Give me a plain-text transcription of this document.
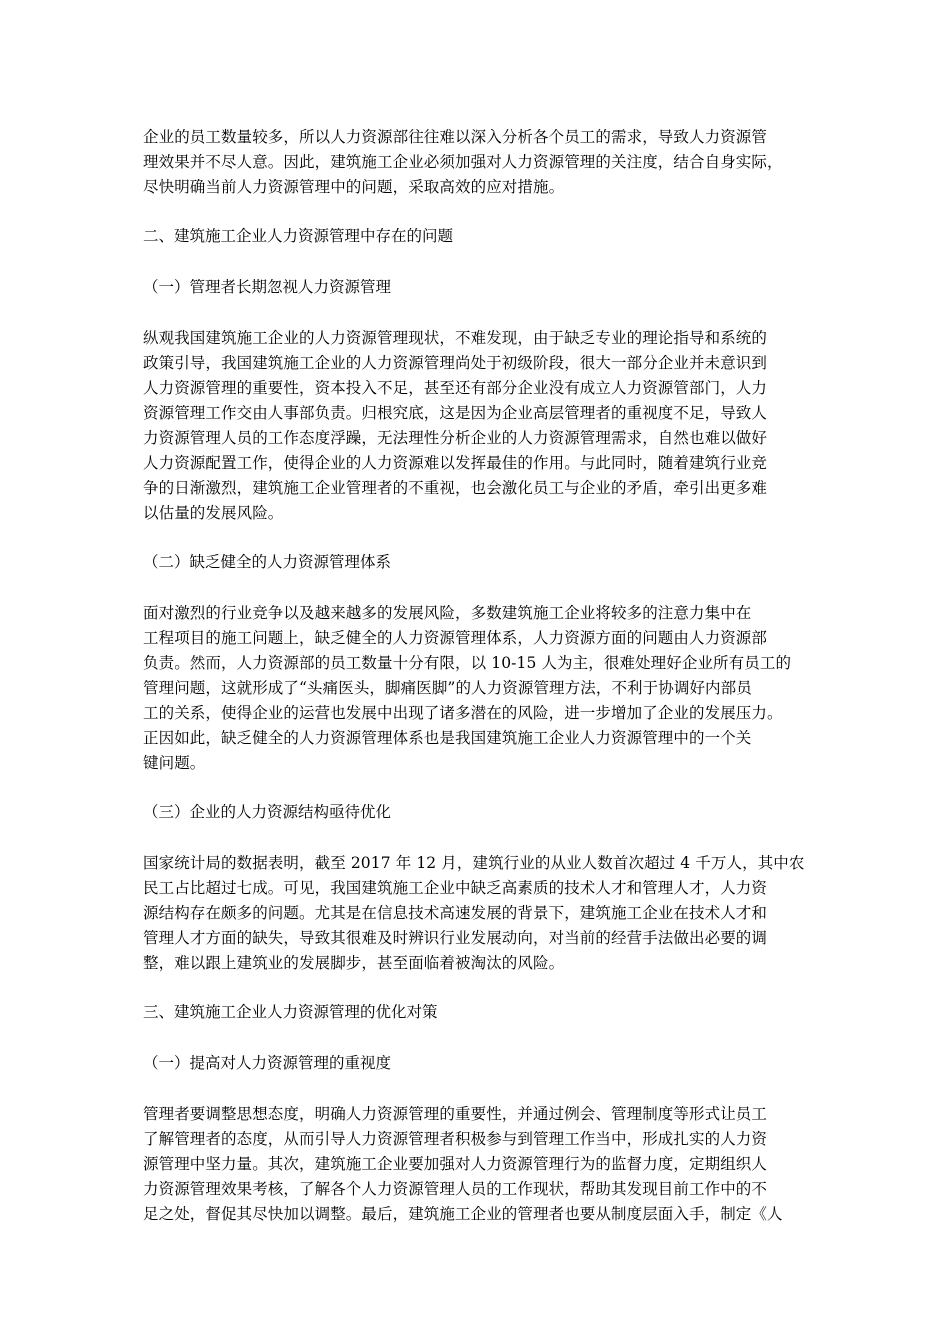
企业的员工数量较多，所以人力资源部往往难以深入分析各个员工的需求，导致人力资源管
理效果并不尽人意。因此，建筑施工企业必须加强对人力资源管理的关注度，结合自身实际，
尽快明确当前人力资源管理中的问题，采取高效的应对措施。

二、建筑施工企业人力资源管理中存在的问题

（一）管理者长期忽视人力资源管理

纵观我国建筑施工企业的人力资源管理现状，不难发现，由于缺乏专业的理论指导和系统的
政策引导，我国建筑施工企业的人力资源管理尚处于初级阶段，很大一部分企业并未意识到
人力资源管理的重要性，资本投入不足，甚至还有部分企业没有成立人力资源管部门，人力
资源管理工作交由人事部负责。归根究底，这是因为企业高层管理者的重视度不足，导致人
力资源管理人员的工作态度浮躁，无法理性分析企业的人力资源管理需求，自然也难以做好
人力资源配置工作，使得企业的人力资源难以发挥最佳的作用。与此同时，随着建筑行业竞
争的日渐激烈，建筑施工企业管理者的不重视，也会激化员工与企业的矛盾，牵引出更多难
以估量的发展风险。

（二）缺乏健全的人力资源管理体系

面对激烈的行业竞争以及越来越多的发展风险，多数建筑施工企业将较多的注意力集中在
工程项目的施工问题上，缺乏健全的人力资源管理体系，人力资源方面的问题由人力资源部
负责。然而，人力资源部的员工数量十分有限，以 10-15 人为主，很难处理好企业所有员工的
管理问题，这就形成了“头痛医头，脚痛医脚”的人力资源管理方法，不利于协调好内部员
工的关系，使得企业的运营也发展中出现了诸多潜在的风险，进一步增加了企业的发展压力。
正因如此，缺乏健全的人力资源管理体系也是我国建筑施工企业人力资源管理中的一个关
键问题。

（三）企业的人力资源结构亟待优化

国家统计局的数据表明，截至 2017 年 12 月，建筑行业的从业人数首次超过 4 千万人，其中农
民工占比超过七成。可见，我国建筑施工企业中缺乏高素质的技术人才和管理人才，人力资
源结构存在颇多的问题。尤其是在信息技术高速发展的背景下，建筑施工企业在技术人才和
管理人才方面的缺失，导致其很难及时辨识行业发展动向，对当前的经营手法做出必要的调
整，难以跟上建筑业的发展脚步，甚至面临着被淘汰的风险。

三、建筑施工企业人力资源管理的优化对策

（一）提高对人力资源管理的重视度

管理者要调整思想态度，明确人力资源管理的重要性，并通过例会、管理制度等形式让员工
了解管理者的态度，从而引导人力资源管理者积极参与到管理工作当中，形成扎实的人力资
源管理中坚力量。其次，建筑施工企业要加强对人力资源管理行为的监督力度，定期组织人
力资源管理效果考核，了解各个人力资源管理人员的工作现状，帮助其发现目前工作中的不
足之处，督促其尽快加以调整。最后，建筑施工企业的管理者也要从制度层面入手，制定《人
